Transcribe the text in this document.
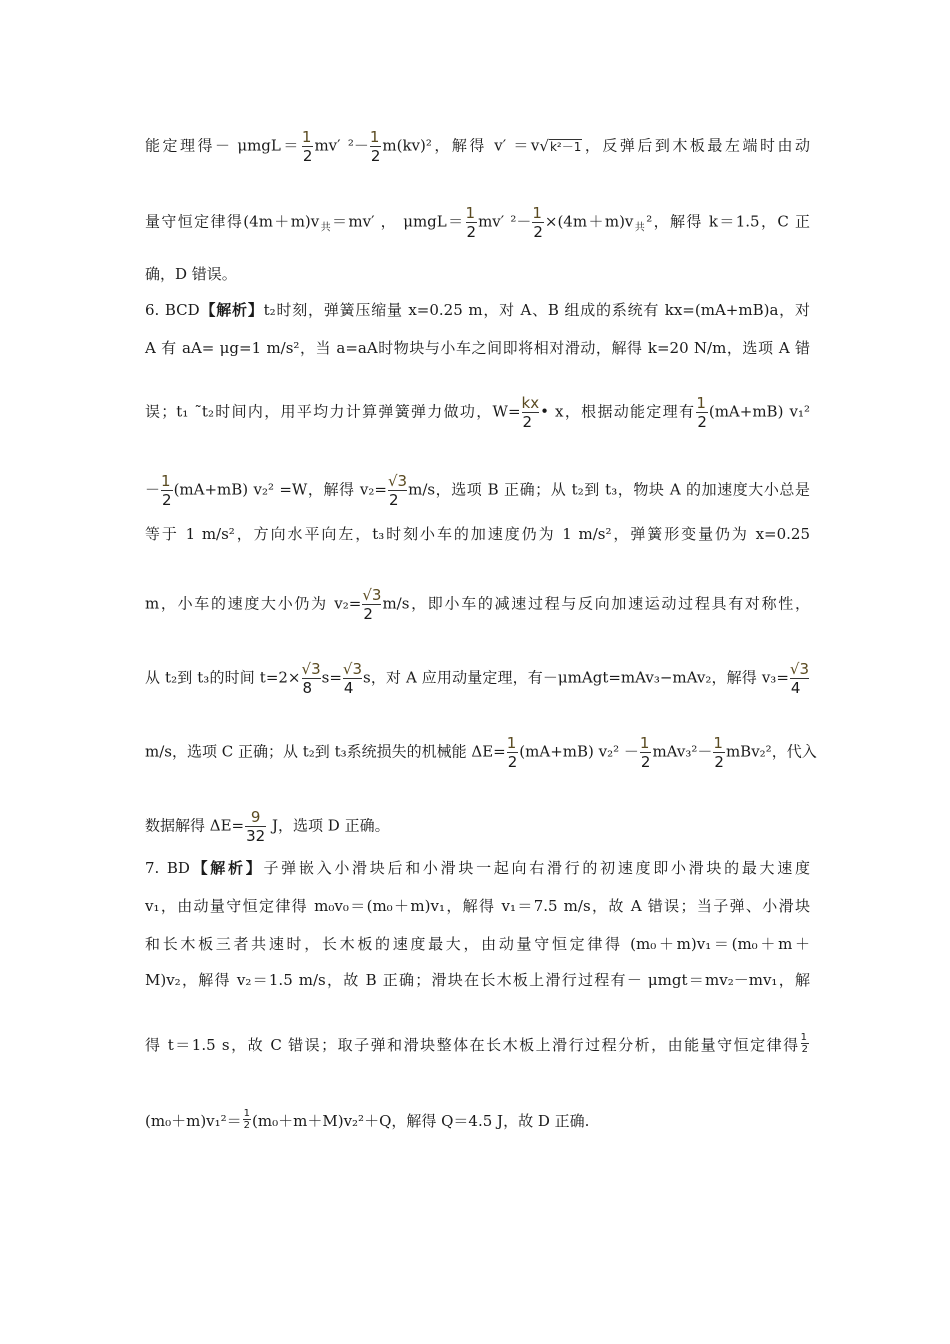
能定理得－ $\mu mgL= \frac{1}{2} mv'$ $^2- \frac{1}{2} m(kv)^2$，解得 v′ ＝v√k²－1，反弹后到木板最左端时由动
量守恒定律得$(4m+m)v_共=mv'$ ， $\mu mgL= \frac{1}{2} mv'$ $^2- \frac{1}{2} \times(4m+m)v_共^2$，解得 k＝1.5，C 正
确，D 错误。
6. BCD【解析】t₂时刻，弹簧压缩量 x=0.25 m，对 A、B 组成的系统有 kx=(mA+mB)a，对
A 有 aA= μg=1 m/s²，当 a=aA时物块与小车之间即将相对滑动，解得 k=20 N/m，选项 A 错
误；t₁ ˜t₂时间内，用平均力计算弹簧弹力做功，$W= \frac{kx}{2}$ • x，根据动能定理有 $\frac{1}{2} (mA+mB)$ v₁²
－ $\frac{1}{2} (mA+mB)$ v₂² =W，解得 $v_2= \frac{√3}{2} m/s$，选项 B 正确；从 t₂到 t₃，物块 A 的加速度大小总是
等于 1 m/s²，方向水平向左，t₃时刻小车的加速度仍为 1 m/s²，弹簧形变量仍为 x=0.25
m，小车的速度大小仍为 $v_2= \frac{√3}{2} m/s$，即小车的减速过程与反向加速运动过程具有对称性，
从 t₂到 t₃的时间 $t=2\times \frac{√3}{8} s= \frac{√3}{4}$ s，对 A 应用动量定理，有－μmAgt=mAv₃−mAv₂，解得 $v_3= \frac{√3}{4}$
m/s，选项 C 正确；从 t₂到 t₃系统损失的机械能 $\Delta E= \frac{1}{2} (mA+mB) v_2^2 - \frac{1}{2} mAv_3^2- \frac{1}{2} mBv_2^2$，代入
数据解得 $\Delta E= \frac{9}{32}$ J，选项 D 正确。
7. BD【解析】子弹嵌入小滑块后和小滑块一起向右滑行的初速度即小滑块的最大速度
v₁，由动量守恒定律得 m₀v₀＝(m₀＋m)v₁，解得 v₁＝7.5 m/s，故 A 错误；当子弹、小滑块
和长木板三者共速时，长木板的速度最大，由动量守恒定律得 (m₀＋m)v₁＝(m₀＋m＋
M)v₂，解得 v₂＝1.5 m/s，故 B 正确；滑块在长木板上滑行过程有－ μmgt＝mv₂－mv₁，解
得 t＝1.5 s，故 C 错误；取子弹和滑块整体在长木板上滑行过程分析，由能量守恒定律得 $\frac{1}{2}$
$(m_0+m)v_1^2= \frac{1}{2} (m_0+m+M)v_2^2+Q$，解得 Q＝4.5 J，故 D 正确.
